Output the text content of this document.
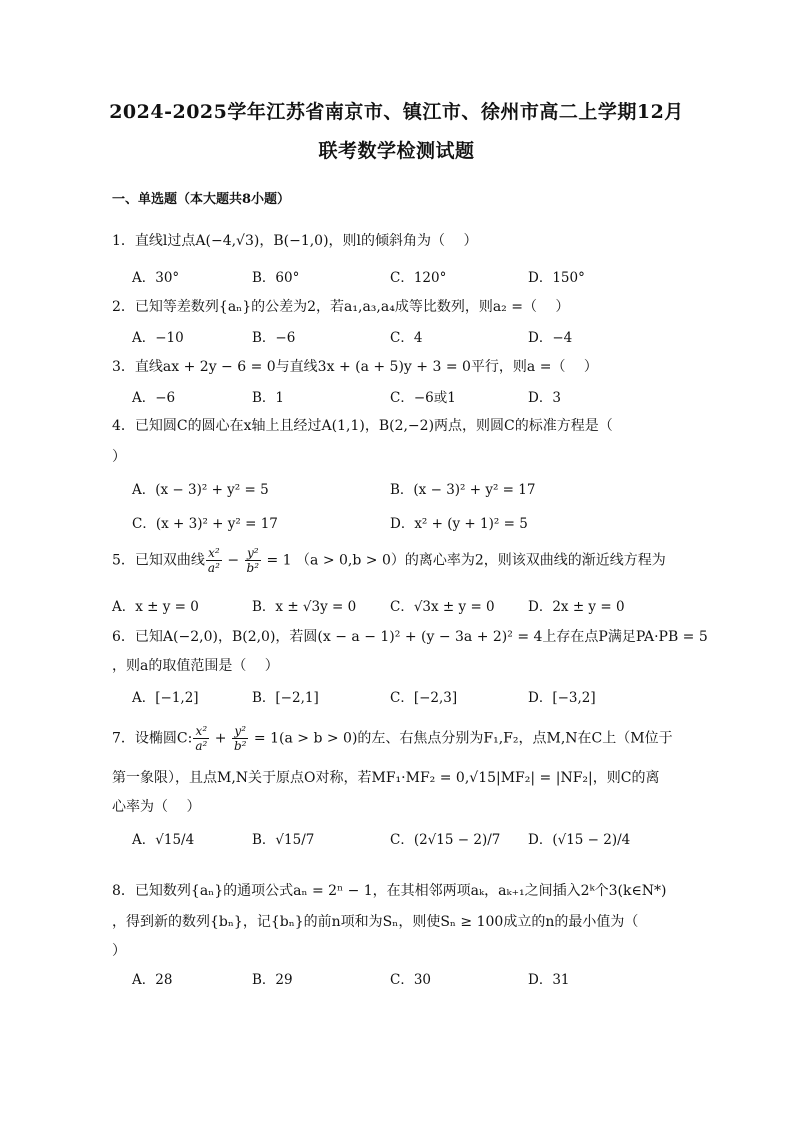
2024-2025学年江苏省南京市、镇江市、徐州市高二上学期12月
联考数学检测试题
一、单选题（本大题共8小题）
1．直线l过点A(−4,√3)，B(−1,0)，则l的倾斜角为（　 ）
A．30°	B．60°	C．120°	D．150°
2．已知等差数列{aₙ}的公差为2，若a₁,a₃,a₄成等比数列，则a₂ =（　 ）
A．−10	B．−6	C．4	D．−4
3．直线ax + 2y − 6 = 0与直线3x + (a + 5)y + 3 = 0平行，则a =（　 ）
A．−6	B．1	C．−6或1	D．3
4．已知圆C的圆心在x轴上且经过A(1,1)，B(2,−2)两点，则圆C的标准方程是（
）
A．(x − 3)² + y² = 5	B．(x − 3)² + y² = 17
C．(x + 3)² + y² = 17	D．x² + (y + 1)² = 5
5．已知双曲线 $\frac{\text{x²}}{\text{a²}} - \frac{\text{y²}}{\text{b²}} = 1$ （a > 0,b > 0）的离心率为2，则该双曲线的渐近线方程为
A．x ± y = 0	B．x ± √3y = 0	C．√3x ± y = 0 D．2x ± y = 0
6．已知A(−2,0)，B(2,0)，若圆(x − a − 1)² + (y − 3a + 2)² = 4上存在点P满足PA·PB = 5
，则a的取值范围是（　 ）
A．[−1,2]	B．[−2,1]	C．[−2,3]	D．[−3,2]
7．设椭圆C: $\frac{\text{x²}}{\text{a²}} + \frac{\text{y²}}{\text{b²}} = 1(a > b > 0)$的左、右焦点分别为F₁,F₂，点M,N在C上（M位于
第一象限），且点M,N关于原点O对称，若MF₁·MF₂ = 0,√15|MF₂| = |NF₂|，则C的离
心率为（　 ）
A．√15/4	B．√15/7	C．(2√15 − 2)/7 D．(√15 − 2)/4
8．已知数列{aₙ}的通项公式aₙ = 2ⁿ − 1，在其相邻两项aₖ，aₖ₊₁之间插入2ᵏ个3(k∈N*)
，得到新的数列{bₙ}，记{bₙ}的前n项和为Sₙ，则使Sₙ ≥ 100成立的n的最小值为（
）
A．28	B．29	C．30	D．31
